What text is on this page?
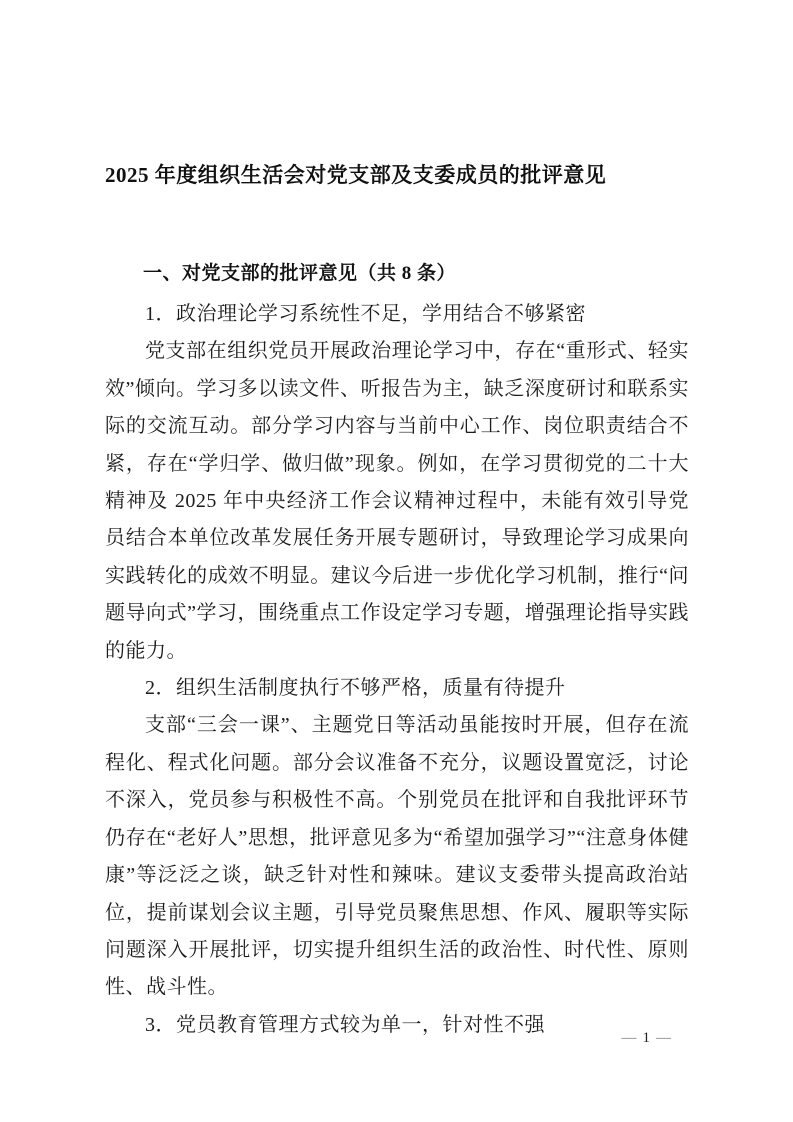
2025 年度组织生活会对党支部及支委成员的批评意见
一、对党支部的批评意见（共 8 条）

1．政治理论学习系统性不足，学用结合不够紧密

党支部在组织党员开展政治理论学习中，存在“重形式、轻实效”倾向。学习多以读文件、听报告为主，缺乏深度研讨和联系实际的交流互动。部分学习内容与当前中心工作、岗位职责结合不紧，存在“学归学、做归做”现象。例如，在学习贯彻党的二十大精神及 2025 年中央经济工作会议精神过程中，未能有效引导党员结合本单位改革发展任务开展专题研讨，导致理论学习成果向实践转化的成效不明显。建议今后进一步优化学习机制，推行“问题导向式”学习，围绕重点工作设定学习专题，增强理论指导实践的能力。

2．组织生活制度执行不够严格，质量有待提升

支部“三会一课”、主题党日等活动虽能按时开展，但存在流程化、程式化问题。部分会议准备不充分，议题设置宽泛，讨论不深入，党员参与积极性不高。个别党员在批评和自我批评环节仍存在“老好人”思想，批评意见多为“希望加强学习”“注意身体健康”等泛泛之谈，缺乏针对性和辣味。建议支委带头提高政治站位，提前谋划会议主题，引导党员聚焦思想、作风、履职等实际问题深入开展批评，切实提升组织生活的政治性、时代性、原则性、战斗性。

3．党员教育管理方式较为单一，针对性不强

— 1 —
